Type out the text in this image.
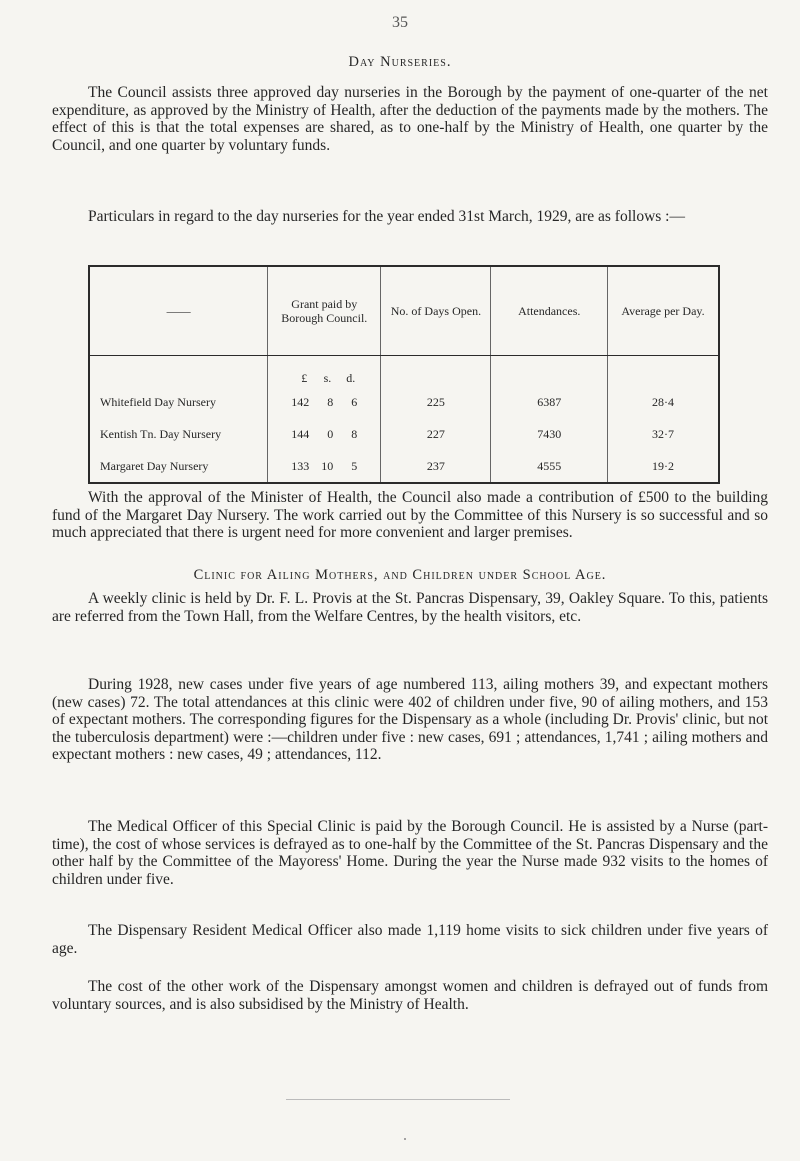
35
Day Nurseries.

The Council assists three approved day nurseries in the Borough by the payment of one-quarter of the net expenditure, as approved by the Ministry of Health, after the deduction of the payments made by the mothers. The effect of this is that the total expenses are shared, as to one-half by the Ministry of Health, one quarter by the Council, and one quarter by voluntary funds.

Particulars in regard to the day nurseries for the year ended 31st March, 1929, are as follows :—

——	Grant paid by Borough Council.	No. of Days Open.	Attendances.	Average per Day.

	£ s. d.			

Whitefield Day Nursery	142 8 6	225	6387	28·4
Kentish Tn. Day Nursery	144 0 8	227	7430	32·7
Margaret Day Nursery	133 10 5	237	4555	19·2

With the approval of the Minister of Health, the Council also made a contribution of £500 to the building fund of the Margaret Day Nursery. The work carried out by the Committee of this Nursery is so successful and so much appreciated that there is urgent need for more convenient and larger premises.

Clinic for Ailing Mothers, and Children under School Age.

A weekly clinic is held by Dr. F. L. Provis at the St. Pancras Dispensary, 39, Oakley Square. To this, patients are referred from the Town Hall, from the Welfare Centres, by the health visitors, etc.

During 1928, new cases under five years of age numbered 113, ailing mothers 39, and expectant mothers (new cases) 72. The total attendances at this clinic were 402 of children under five, 90 of ailing mothers, and 153 of expectant mothers. The corresponding figures for the Dispensary as a whole (including Dr. Provis' clinic, but not the tuberculosis department) were :—children under five : new cases, 691 ; attendances, 1,741 ; ailing mothers and expectant mothers : new cases, 49 ; attendances, 112.

The Medical Officer of this Special Clinic is paid by the Borough Council. He is assisted by a Nurse (part-time), the cost of whose services is defrayed as to one-half by the Committee of the St. Pancras Dispensary and the other half by the Committee of the Mayoress' Home. During the year the Nurse made 932 visits to the homes of children under five.

The Dispensary Resident Medical Officer also made 1,119 home visits to sick children under five years of age.

The cost of the other work of the Dispensary amongst women and children is defrayed out of funds from voluntary sources, and is also subsidised by the Ministry of Health.
